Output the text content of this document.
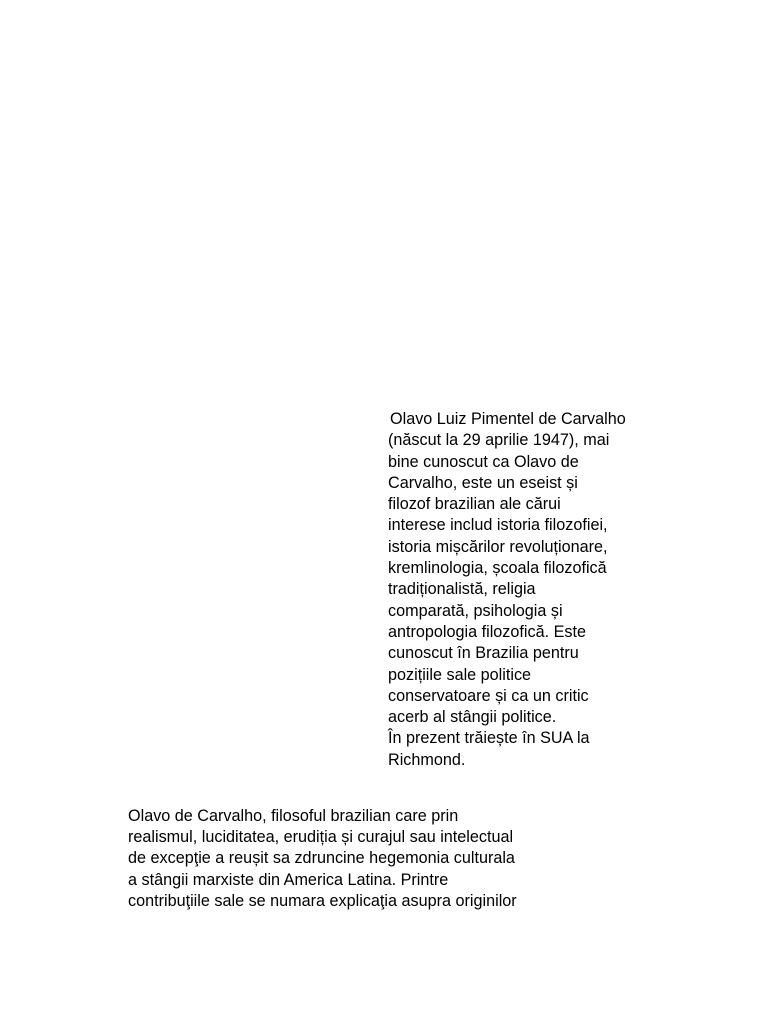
Olavo Luiz Pimentel de Carvalho
(născut la 29 aprilie 1947), mai
bine cunoscut ca Olavo de
Carvalho, este un eseist și
filozof brazilian ale cărui
interese includ istoria filozofiei,
istoria mișcărilor revoluționare,
kremlinologia, școala filozofică
tradiționalistă, religia
comparată, psihologia și
antropologia filozofică. Este
cunoscut în Brazilia pentru
pozițiile sale politice
conservatoare și ca un critic
acerb al stângii politice.
În prezent trăiește în SUA la
Richmond.
Olavo de Carvalho, filosoful brazilian care prin
realismul, luciditatea, erudiția și curajul sau intelectual
de excepţie a reușit sa zdruncine hegemonia culturala
a stângii marxiste din America Latina. Printre
contribuţiile sale se numara explicaţia asupra originilor
